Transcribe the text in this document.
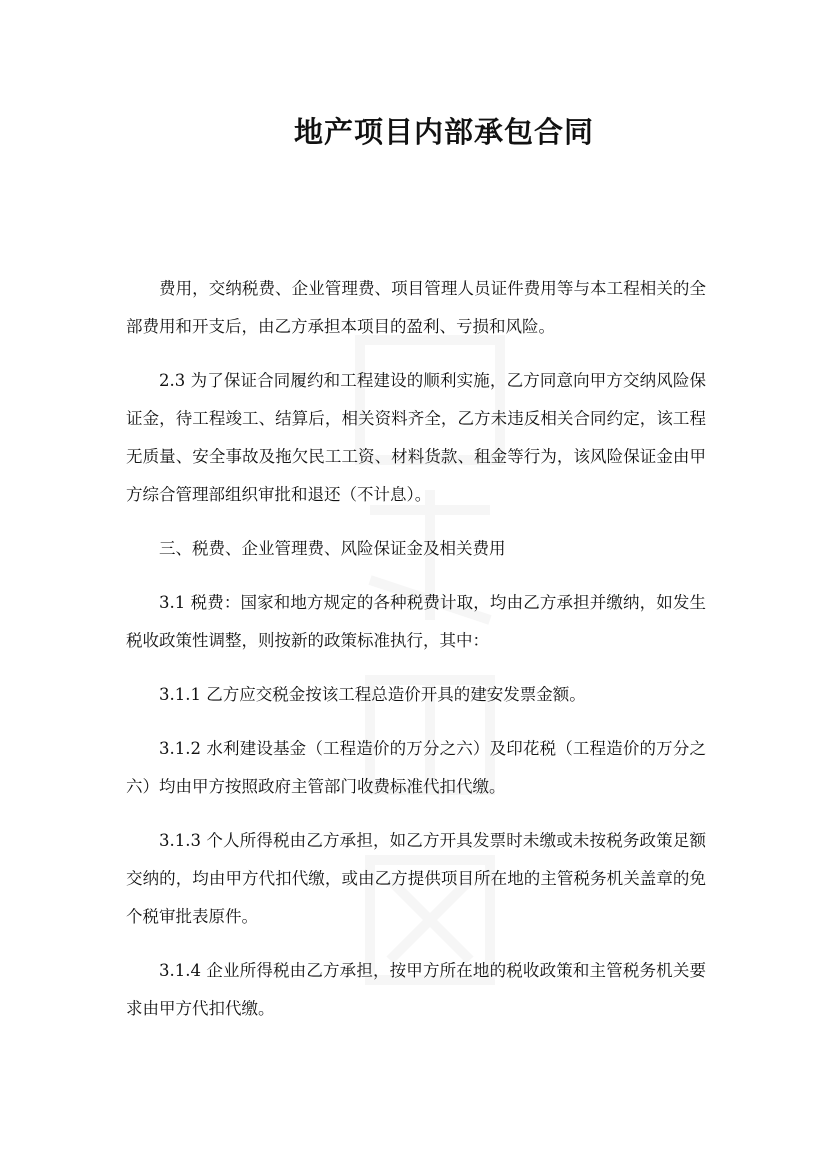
地产项目内部承包合同

费用，交纳税费、企业管理费、项目管理人员证件费用等与本工程相关的全部费用和开支后，由乙方承担本项目的盈利、亏损和风险。

2.3 为了保证合同履约和工程建设的顺利实施，乙方同意向甲方交纳风险保证金，待工程竣工、结算后，相关资料齐全，乙方未违反相关合同约定，该工程无质量、安全事故及拖欠民工工资、材料货款、租金等行为，该风险保证金由甲方综合管理部组织审批和退还（不计息）。

三、税费、企业管理费、风险保证金及相关费用

3.1 税费：国家和地方规定的各种税费计取，均由乙方承担并缴纳，如发生税收政策性调整，则按新的政策标准执行，其中：

3.1.1 乙方应交税金按该工程总造价开具的建安发票金额。

3.1.2 水利建设基金（工程造价的万分之六）及印花税（工程造价的万分之六）均由甲方按照政府主管部门收费标准代扣代缴。

3.1.3 个人所得税由乙方承担，如乙方开具发票时未缴或未按税务政策足额交纳的，均由甲方代扣代缴，或由乙方提供项目所在地的主管税务机关盖章的免个税审批表原件。

3.1.4 企业所得税由乙方承担，按甲方所在地的税收政策和主管税务机关要求由甲方代扣代缴。
